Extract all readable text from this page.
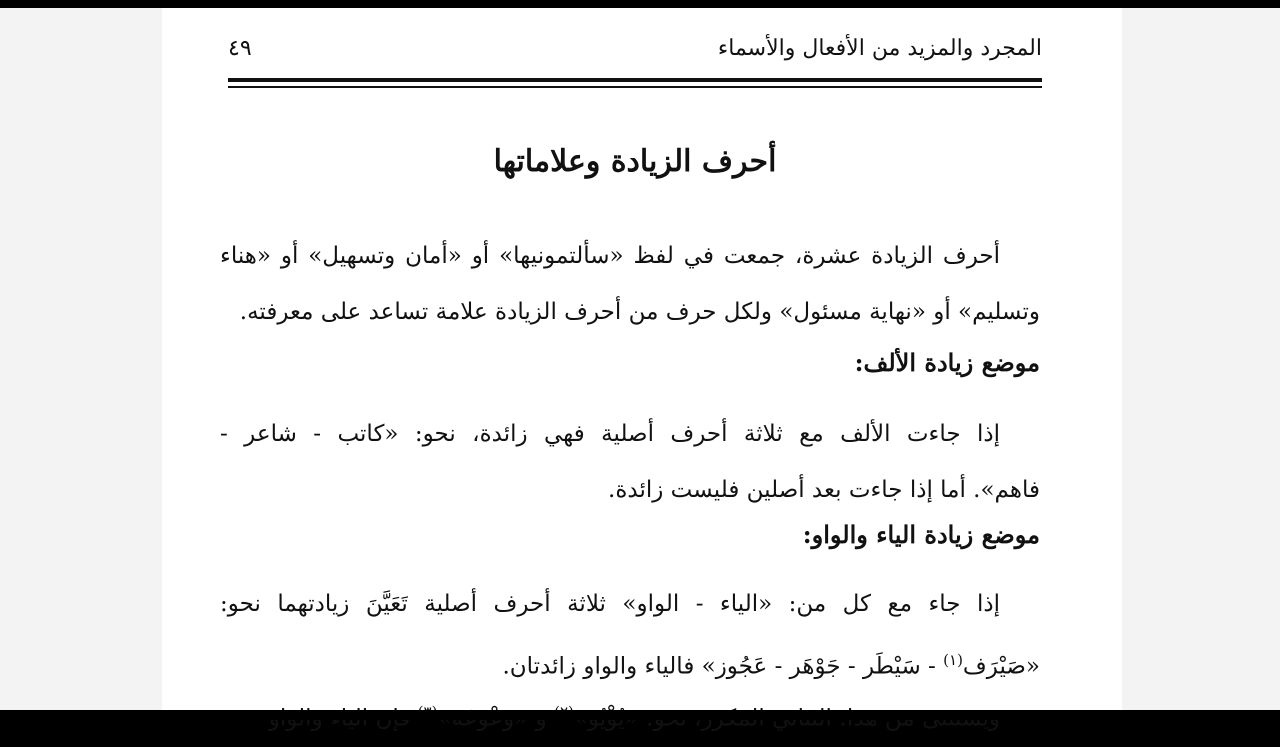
المجرد والمزيد من الأفعال والأسماء
٤٩
أحرف الزيادة وعلاماتها
أحرف الزيادة عشرة، جمعت في لفظ «سألتمونيها» أو «أمان وتسهيل» أو «هناء
وتسليم» أو «نهاية مسئول» ولكل حرف من أحرف الزيادة علامة تساعد على معرفته.
موضع زيادة الألف:
إذا جاءت الألف مع ثلاثة أحرف أصلية فهي زائدة، نحو: «كاتب - شاعر -
فاهم». أما إذا جاءت بعد أصلين فليست زائدة.
موضع زيادة الياء والواو:
إذا جاء مع كل من: «الياء - الواو» ثلاثة أحرف أصلية تَعَيَّنَ زيادتهما نحو:
«صَيْرَف$^{(١)}$ - سَيْطَر - جَوْهَر - عَجُوز» فالياء والواو زائدتان.
